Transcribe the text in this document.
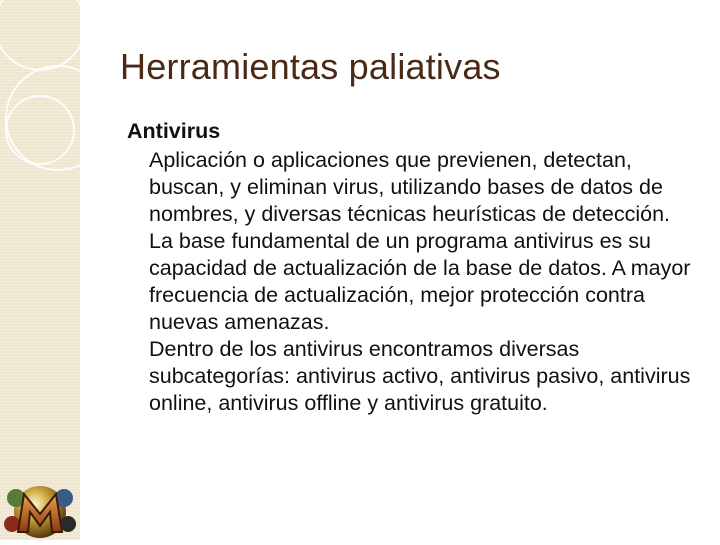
Herramientas paliativas
Antivirus

Aplicación o aplicaciones que previenen, detectan, buscan, y eliminan virus, utilizando bases de datos de nombres, y diversas técnicas heurísticas de detección.

La base fundamental de un programa antivirus es su capacidad de actualización de la base de datos. A mayor frecuencia de actualización, mejor protección contra nuevas amenazas.

Dentro de los antivirus encontramos diversas subcategorías: antivirus activo, antivirus pasivo, antivirus online, antivirus offline y antivirus gratuito.
